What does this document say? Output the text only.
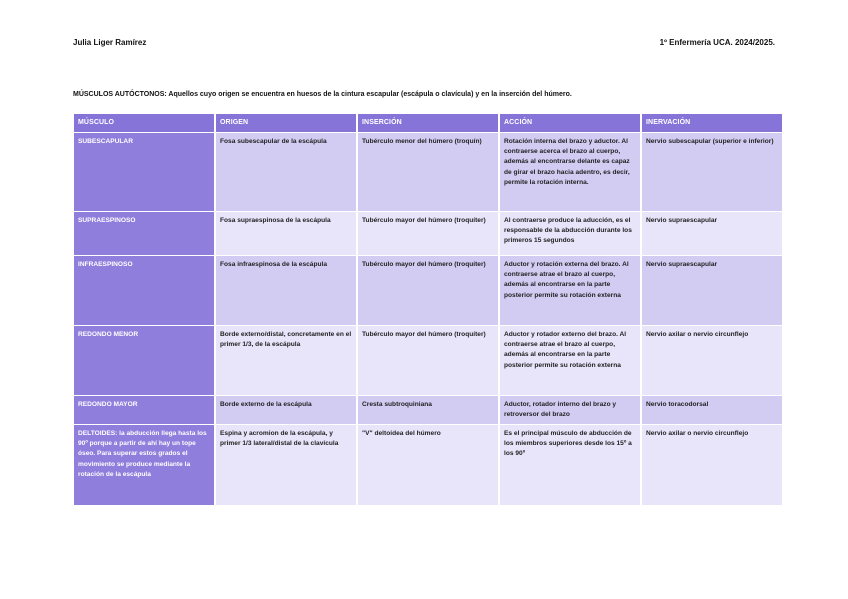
Julia Liger Ramírez	1º Enfermería UCA. 2024/2025.
MÚSCULOS AUTÓCTONOS: Aquellos cuyo origen se encuentra en huesos de la cintura escapular (escápula o clavícula) y en la inserción del húmero.
MÚSCULO	ORIGEN	INSERCIÓN	ACCIÓN	INERVACIÓN
SUBESCAPULAR	Fosa subescapular de la escápula	Tubérculo menor del húmero (troquín)	Rotación interna del brazo y aductor. Al contraerse acerca el brazo al cuerpo, además al encontrarse delante es capaz de girar el brazo hacia adentro, es decir, permite la rotación interna.	Nervio subescapular (superior e inferior)
SUPRAESPINOSO	Fosa supraespinosa de la escápula	Tubérculo mayor del húmero (troquíter)	Al contraerse produce la aducción, es el responsable de la abducción durante los primeros 15 segundos	Nervio supraescapular
INFRAESPINOSO	Fosa infraespinosa de la escápula	Tubérculo mayor del húmero (troquíter)	Aductor y rotación externa del brazo. Al contraerse atrae el brazo al cuerpo, además al encontrarse en la parte posterior permite su rotación externa	Nervio supraescapular
REDONDO MENOR	Borde externo/distal, concretamente en el primer 1/3, de la escápula	Tubérculo mayor del húmero (troquíter)	Aductor y rotador externo del brazo. Al contraerse atrae el brazo al cuerpo, además al encontrarse en la parte posterior permite su rotación externa	Nervio axilar o nervio circunflejo
REDONDO MAYOR	Borde externo de la escápula	Cresta subtroquiniana	Aductor, rotador interno del brazo y retroversor del brazo	Nervio toracodorsal
DELTOIDES: la abducción llega hasta los 90º porque a partir de ahí hay un tope óseo. Para superar estos grados el movimiento se produce mediante la rotación de la escápula	Espina y acromion de la escápula, y primer 1/3 lateral/distal de la clavícula	"V" deltoidea del húmero	Es el principal músculo de abducción de los miembros superiores desde los 15º a los 90º	Nervio axilar o nervio circunflejo
